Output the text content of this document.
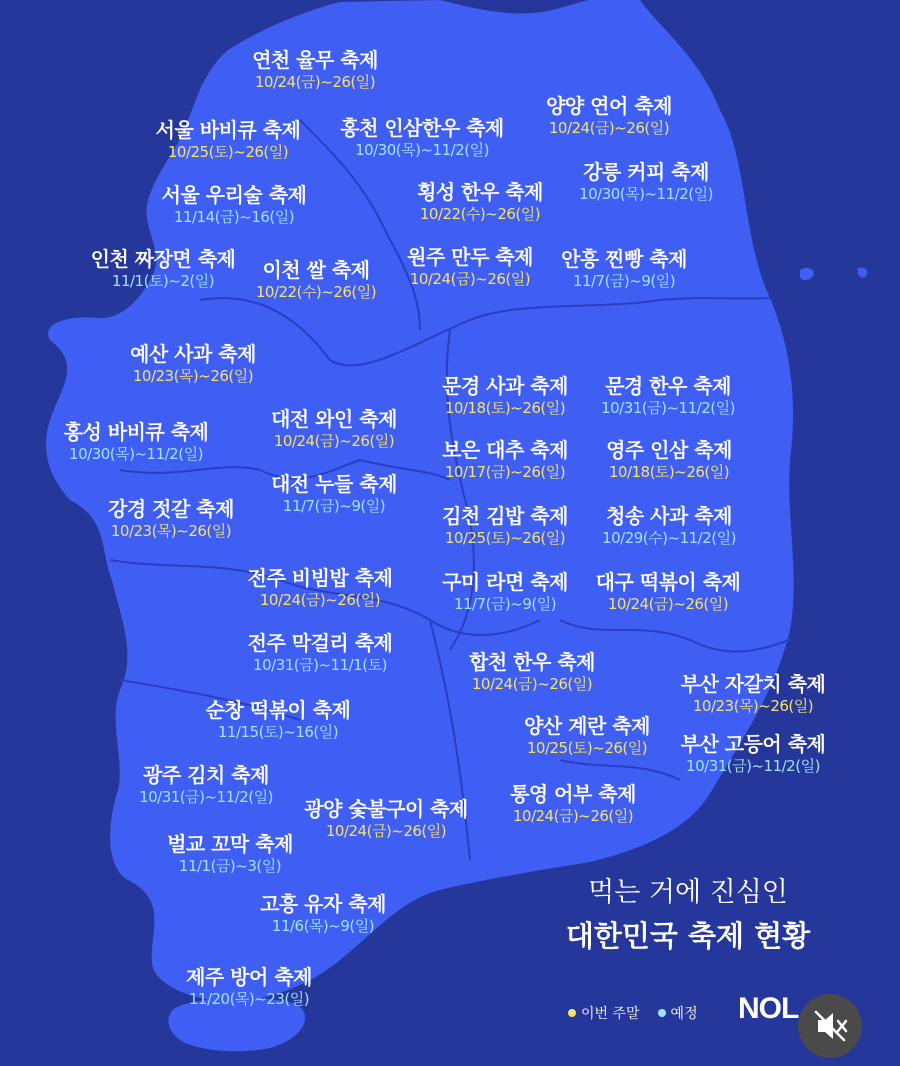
연천 율무 축제
10/24(금)~26(일)
서울 바비큐 축제
10/25(토)~26(일)
홍천 인삼한우 축제
10/30(목)~11/2(일)
양양 연어 축제
10/24(금)~26(일)
강릉 커피 축제
10/30(목)~11/2(일)
서울 우리술 축제
11/14(금)~16(일)
횡성 한우 축제
10/22(수)~26(일)
인천 짜장면 축제
11/1(토)~2(일)	이천 쌀 축제
10/22(수)~26(일)
원주 만두 축제
10/24(금)~26(일)
안흥 찐빵 축제
11/7(금)~9(일)
예산 사과 축제
10/23(목)~26(일)	문경 사과 축제
10/18(토)~26(일)
문경 한우 축제
10/31(금)~11/2(일)
대전 와인 축제
10/24(금)~26(일)
홍성 바비큐 축제
10/30(목)~11/2(일)	보은 대추 축제
10/17(금)~26(일)
영주 인삼 축제
10/18(토)~26(일)
대전 누들 축제
11/7(금)~9(일)
강경 젓갈 축제
10/23(목)~26(일)
김천 김밥 축제
10/25(토)~26(일)
청송 사과 축제
10/29(수)~11/2(일)
전주 비빔밥 축제
10/24(금)~26(일)
구미 라면 축제
11/7(금)~9(일)
대구 떡볶이 축제
10/24(금)~26(일)
전주 막걸리 축제
10/31(금)~11/1(토)	합천 한우 축제
10/24(금)~26(일)	부산 자갈치 축제
10/23(목)~26(일)
순창 떡볶이 축제
11/15(토)~16(일)	양산 계란 축제
10/25(토)~26(일) 부산 고등어 축제
10/31(금)~11/2(일)
광주 김치 축제
10/31(금)~11/2(일)	통영 어부 축제
10/24(금)~26(일)
광양 숯불구이 축제
10/24(금)~26(일)
벌교 꼬막 축제
11/1(금)~3(일)
고흥 유자 축제
11/6(목)~9(일)
제주 방어 축제
11/20(목)~23(일)
먹는 거에 진심인
대한민국 축제 현황
이번 주말 예정 NOL
